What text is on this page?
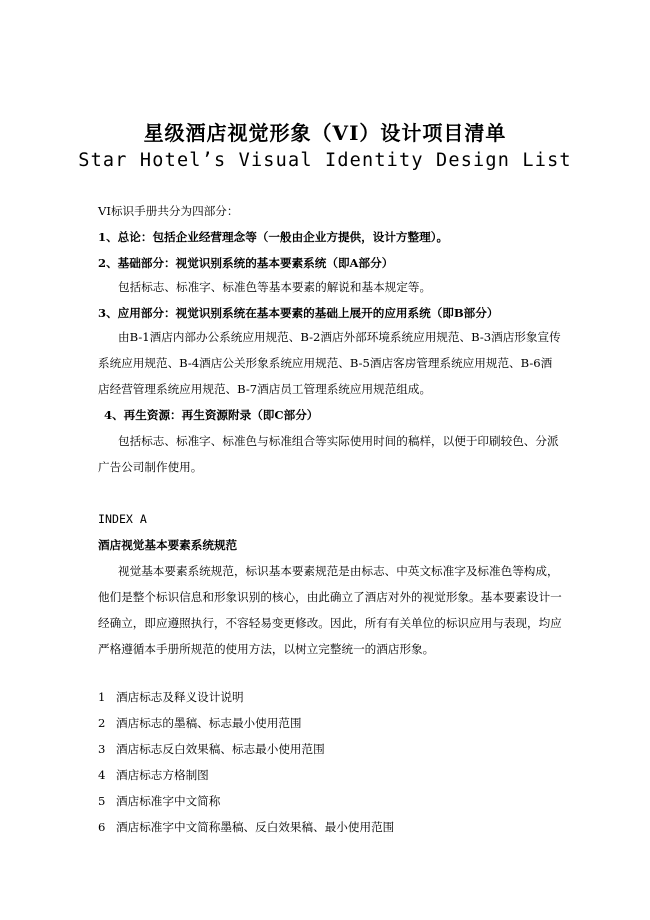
星级酒店视觉形象（VI）设计项目清单
Star Hotel’s Visual Identity Design List
VI标识手册共分为四部分：
1、总论：包括企业经营理念等（一般由企业方提供，设计方整理）。
2、基础部分：视觉识别系统的基本要素系统（即A部分）
包括标志、标准字、标准色等基本要素的解说和基本规定等。
3、应用部分：视觉识别系统在基本要素的基础上展开的应用系统（即B部分）
由B-1酒店内部办公系统应用规范、B-2酒店外部环境系统应用规范、B-3酒店形象宣传
系统应用规范、B-4酒店公关形象系统应用规范、B-5酒店客房管理系统应用规范、B-6酒
店经营管理系统应用规范、B-7酒店员工管理系统应用规范组成。
4、再生资源：再生资源附录（即C部分）
包括标志、标准字、标准色与标准组合等实际使用时间的稿样，以便于印刷较色、分派
广告公司制作使用。
INDEX A
酒店视觉基本要素系统规范
视觉基本要素系统规范，标识基本要素规范是由标志、中英文标准字及标准色等构成，
他们是整个标识信息和形象识别的核心，由此确立了酒店对外的视觉形象。基本要素设计一
经确立，即应遵照执行，不容轻易变更修改。因此，所有有关单位的标识应用与表现，均应
严格遵循本手册所规范的使用方法，以树立完整统一的酒店形象。
1 酒店标志及释义设计说明
2 酒店标志的墨稿、标志最小使用范围
3 酒店标志反白效果稿、标志最小使用范围
4 酒店标志方格制图
5 酒店标准字中文简称
6 酒店标准字中文简称墨稿、反白效果稿、最小使用范围
